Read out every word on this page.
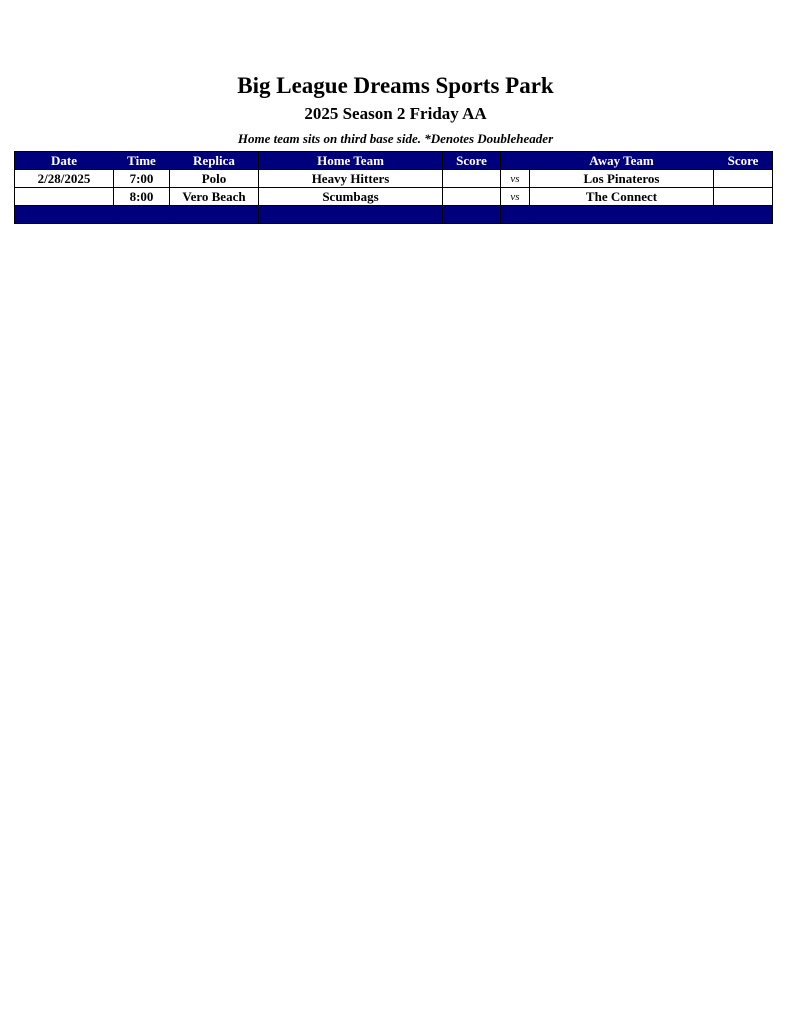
Big League Dreams Sports Park
2025 Season 2 Friday AA
Home team sits on third base side. *Denotes Doubleheader
Date	Time	Replica	Home Team	Score		Away Team	Score
2/28/2025	7:00	Polo	Heavy Hitters		vs	Los Pinateros	
	8:00	Vero Beach	Scumbags		vs	The Connect	
